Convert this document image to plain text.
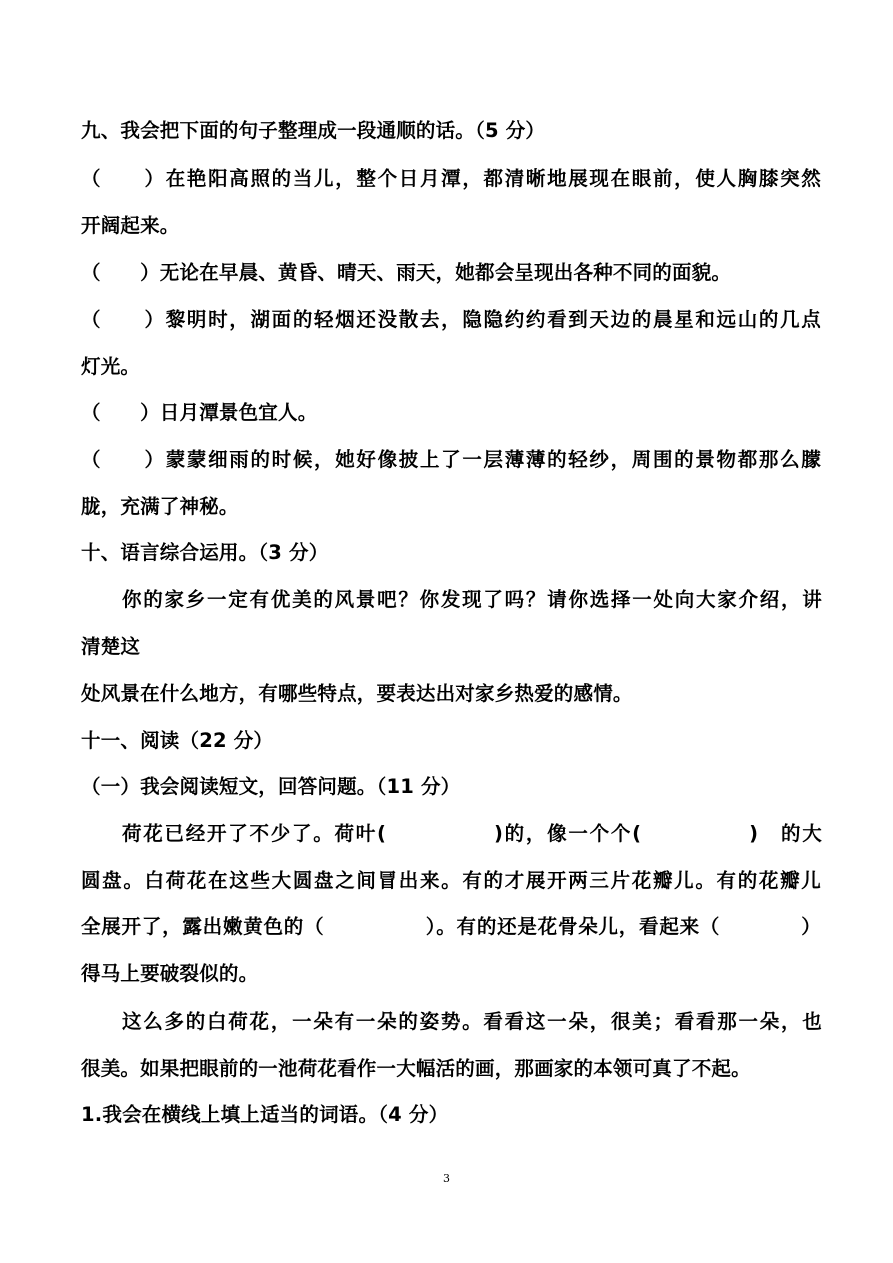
九、我会把下面的句子整理成一段通顺的话。（5 分）
（　　）在艳阳高照的当儿，整个日月潭，都清晰地展现在眼前，使人胸膝突然
开阔起来。
（　　）无论在早晨、黄昏、晴天、雨天，她都会呈现出各种不同的面貌。
（　　）黎明时，湖面的轻烟还没散去，隐隐约约看到天边的晨星和远山的几点
灯光。
（　　）日月潭景色宜人。
（　　）蒙蒙细雨的时候，她好像披上了一层薄薄的轻纱，周围的景物都那么朦
胧，充满了神秘。
十、语言综合运用。（3 分）
你的家乡一定有优美的风景吧？你发现了吗？请你选择一处向大家介绍，讲
清楚这
处风景在什么地方，有哪些特点，要表达出对家乡热爱的感情。
十一、阅读（22 分）
（一）我会阅读短文，回答问题。（11 分）
荷花已经开了不少了。荷叶(　　　　　)的，像一个个(　　　　　)　的大
圆盘。白荷花在这些大圆盘之间冒出来。有的才展开两三片花瓣儿。有的花瓣儿
全展开了，露出嫩黄色的（　　　　　）。有的还是花骨朵儿，看起来（　　　　）
得马上要破裂似的。
这么多的白荷花，一朵有一朵的姿势。看看这一朵，很美；看看那一朵，也
很美。如果把眼前的一池荷花看作一大幅活的画，那画家的本领可真了不起。
1.我会在横线上填上适当的词语。（4 分）
3
